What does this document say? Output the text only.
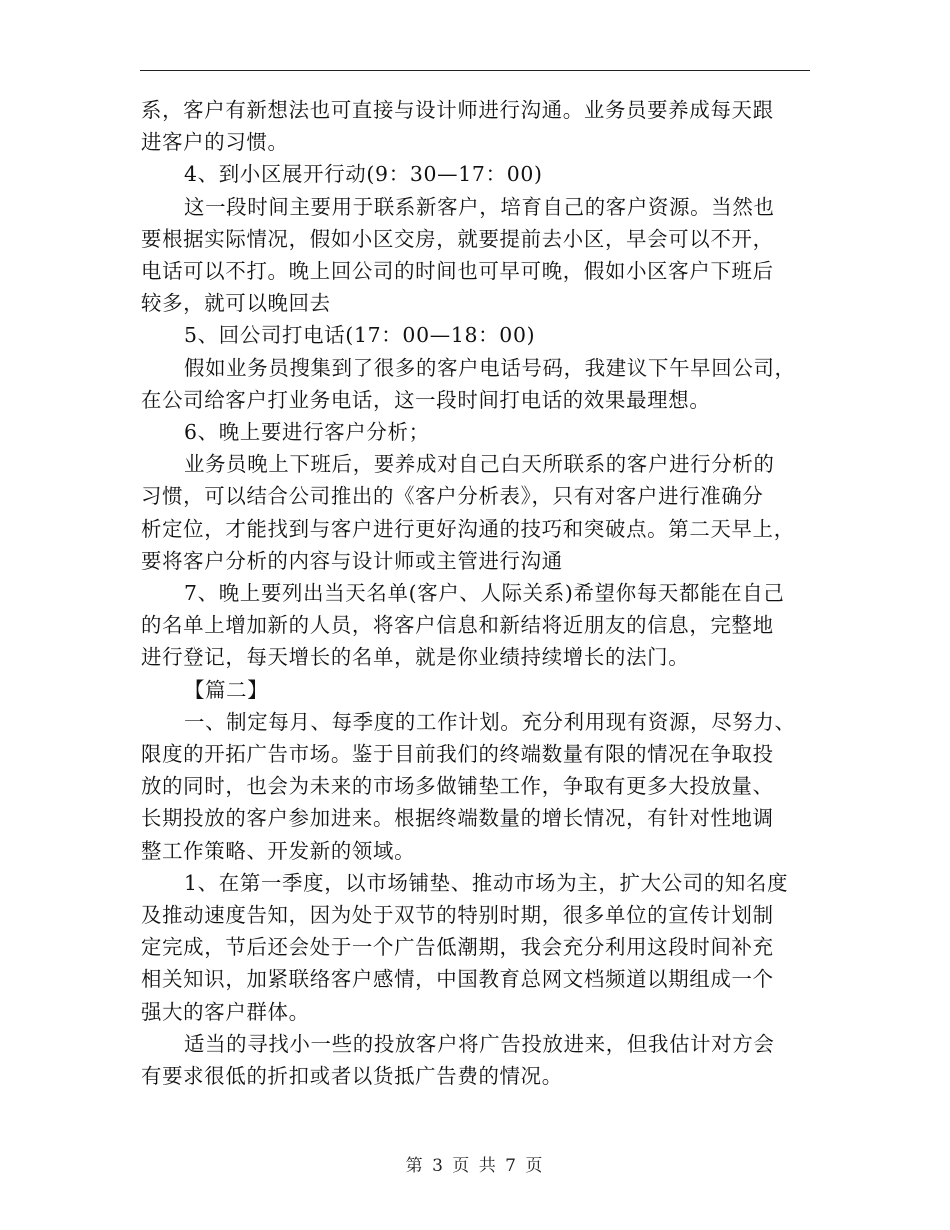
系，客户有新想法也可直接与设计师进行沟通。业务员要养成每天跟

进客户的习惯。

4、到小区展开行动(9：30—17：00)

这一段时间主要用于联系新客户，培育自己的客户资源。当然也

要根据实际情况，假如小区交房，就要提前去小区，早会可以不开，

电话可以不打。晚上回公司的时间也可早可晚，假如小区客户下班后

较多，就可以晚回去

5、回公司打电话(17：00—18：00)

假如业务员搜集到了很多的客户电话号码，我建议下午早回公司，

在公司给客户打业务电话，这一段时间打电话的效果最理想。

6、晚上要进行客户分析；

业务员晚上下班后，要养成对自己白天所联系的客户进行分析的

习惯，可以结合公司推出的《客户分析表》，只有对客户进行准确分

析定位，才能找到与客户进行更好沟通的技巧和突破点。第二天早上，

要将客户分析的内容与设计师或主管进行沟通

7、晚上要列出当天名单(客户、人际关系)希望你每天都能在自己

的名单上增加新的人员，将客户信息和新结将近朋友的信息，完整地

进行登记，每天增长的名单，就是你业绩持续增长的法门。

【篇二】

一、制定每月、每季度的工作计划。充分利用现有资源，尽努力、

限度的开拓广告市场。鉴于目前我们的终端数量有限的情况在争取投

放的同时，也会为未来的市场多做铺垫工作，争取有更多大投放量、

长期投放的客户参加进来。根据终端数量的增长情况，有针对性地调

整工作策略、开发新的领域。

1、在第一季度，以市场铺垫、推动市场为主，扩大公司的知名度

及推动速度告知，因为处于双节的特别时期，很多单位的宣传计划制

定完成，节后还会处于一个广告低潮期，我会充分利用这段时间补充

相关知识，加紧联络客户感情，中国教育总网文档频道以期组成一个

强大的客户群体。

适当的寻找小一些的投放客户将广告投放进来，但我估计对方会

有要求很低的折扣或者以货抵广告费的情况。

第 3 页 共 7 页
